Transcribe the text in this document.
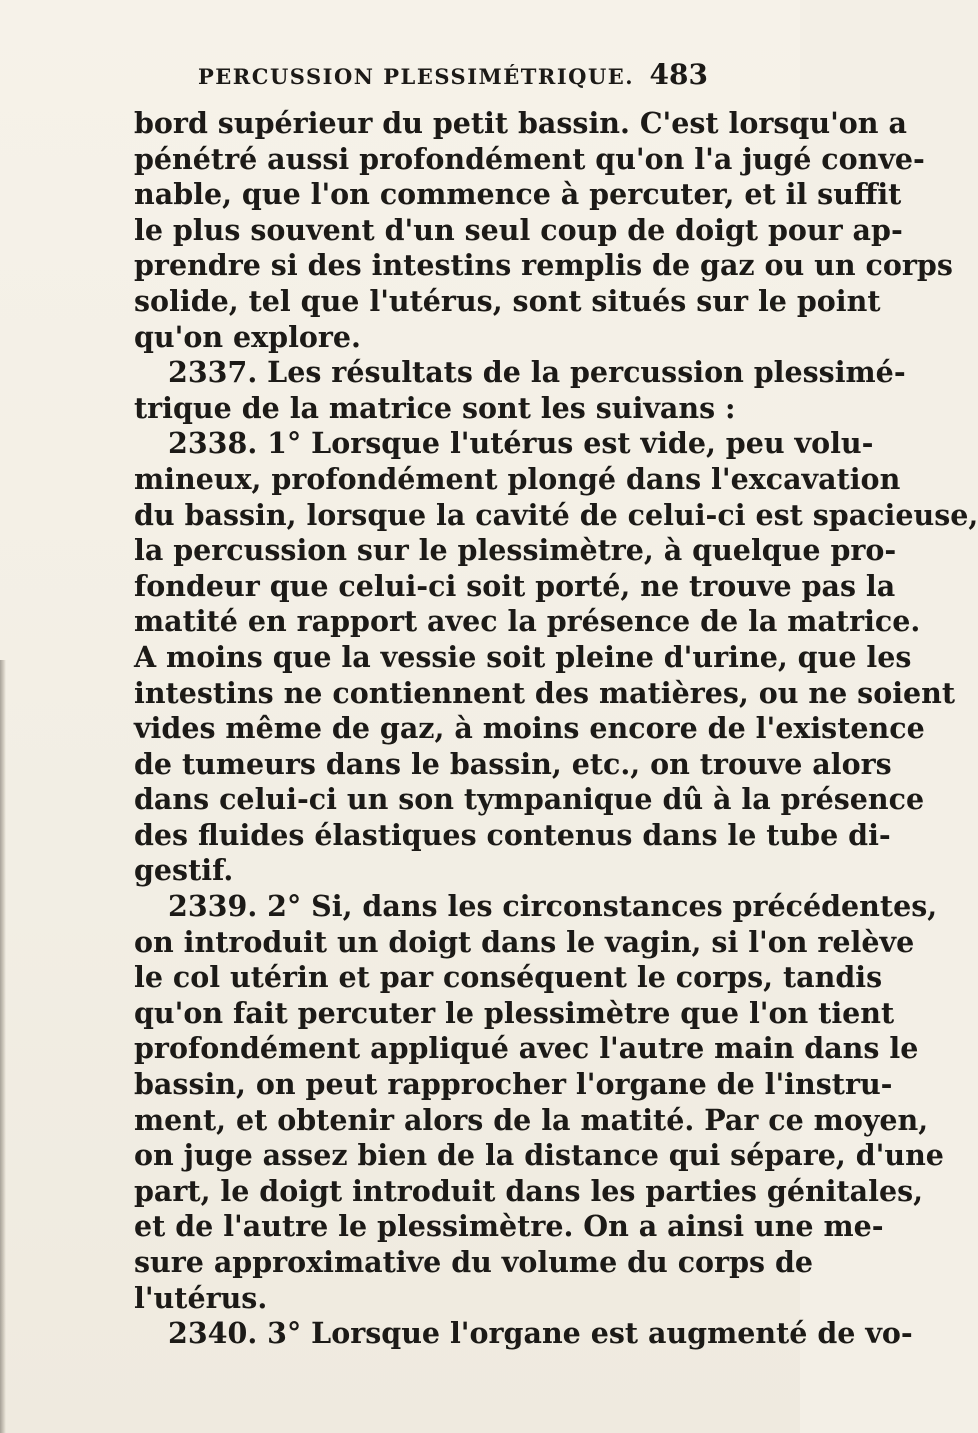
PERCUSSION PLESSIMÉTRIQUE. 483
bord supérieur du petit bassin. C'est lorsqu'on a
pénétré aussi profondément qu'on l'a jugé conve-
nable, que l'on commence à percuter, et il suffit
le plus souvent d'un seul coup de doigt pour ap-
prendre si des intestins remplis de gaz ou un corps
solide, tel que l'utérus, sont situés sur le point
qu'on explore.
2337. Les résultats de la percussion plessimé-
trique de la matrice sont les suivans :
2338. 1° Lorsque l'utérus est vide, peu volu-
mineux, profondément plongé dans l'excavation
du bassin, lorsque la cavité de celui-ci est spacieuse,
la percussion sur le plessimètre, à quelque pro-
fondeur que celui-ci soit porté, ne trouve pas la
matité en rapport avec la présence de la matrice.
A moins que la vessie soit pleine d'urine, que les
intestins ne contiennent des matières, ou ne soient
vides même de gaz, à moins encore de l'existence
de tumeurs dans le bassin, etc., on trouve alors
dans celui-ci un son tympanique dû à la présence
des fluides élastiques contenus dans le tube di-
gestif.
2339. 2° Si, dans les circonstances précédentes,
on introduit un doigt dans le vagin, si l'on relève
le col utérin et par conséquent le corps, tandis
qu'on fait percuter le plessimètre que l'on tient
profondément appliqué avec l'autre main dans le
bassin, on peut rapprocher l'organe de l'instru-
ment, et obtenir alors de la matité. Par ce moyen,
on juge assez bien de la distance qui sépare, d'une
part, le doigt introduit dans les parties génitales,
et de l'autre le plessimètre. On a ainsi une me-
sure approximative du volume du corps de
l'utérus.
2340. 3° Lorsque l'organe est augmenté de vo-
